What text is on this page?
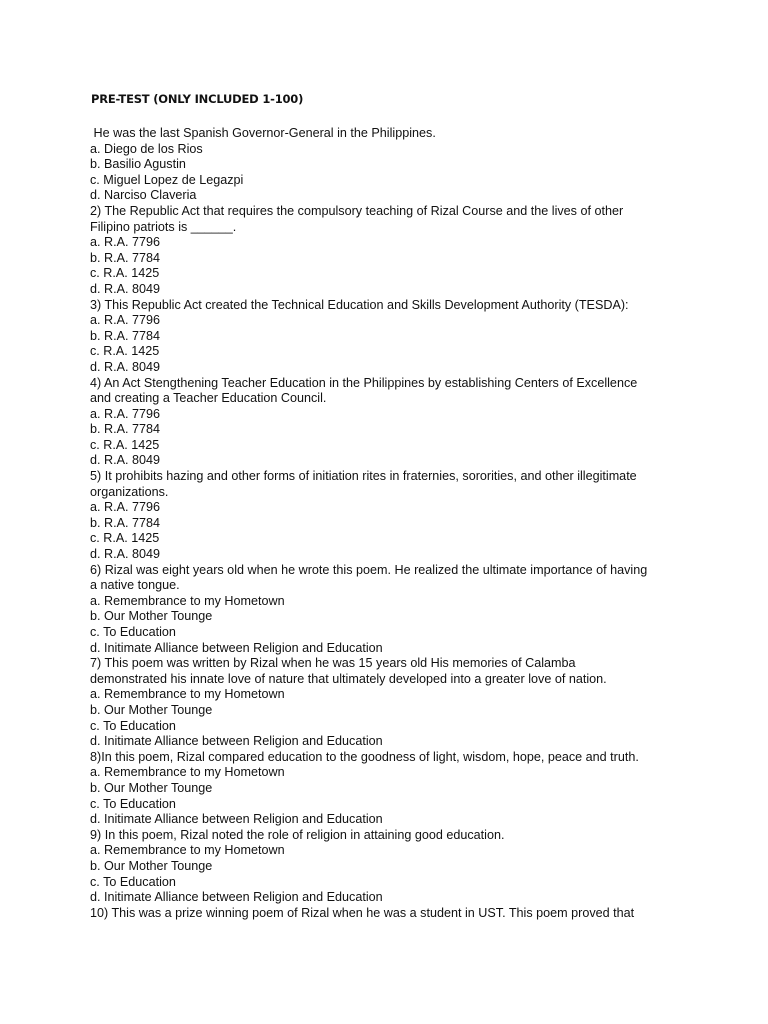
PRE-TEST (ONLY INCLUDED 1-100)
He was the last Spanish Governor-General in the Philippines.
a. Diego de los Rios
b. Basilio Agustin
c. Miguel Lopez de Legazpi
d. Narciso Claveria
2) The Republic Act that requires the compulsory teaching of Rizal Course and the lives of other
Filipino patriots is ______.
a. R.A. 7796
b. R.A. 7784
c. R.A. 1425
d. R.A. 8049
3) This Republic Act created the Technical Education and Skills Development Authority (TESDA):
a. R.A. 7796
b. R.A. 7784
c. R.A. 1425
d. R.A. 8049
4) An Act Stengthening Teacher Education in the Philippines by establishing Centers of Excellence
and creating a Teacher Education Council.
a. R.A. 7796
b. R.A. 7784
c. R.A. 1425
d. R.A. 8049
5) It prohibits hazing and other forms of initiation rites in fraternies, sororities, and other illegitimate
organizations.
a. R.A. 7796
b. R.A. 7784
c. R.A. 1425
d. R.A. 8049
6) Rizal was eight years old when he wrote this poem. He realized the ultimate importance of having
a native tongue.
a. Remembrance to my Hometown
b. Our Mother Tounge
c. To Education
d. Initimate Alliance between Religion and Education
7) This poem was written by Rizal when he was 15 years old His memories of Calamba
demonstrated his innate love of nature that ultimately developed into a greater love of nation.
a. Remembrance to my Hometown
b. Our Mother Tounge
c. To Education
d. Initimate Alliance between Religion and Education
8)In this poem, Rizal compared education to the goodness of light, wisdom, hope, peace and truth.
a. Remembrance to my Hometown
b. Our Mother Tounge
c. To Education
d. Initimate Alliance between Religion and Education
9) In this poem, Rizal noted the role of religion in attaining good education.
a. Remembrance to my Hometown
b. Our Mother Tounge
c. To Education
d. Initimate Alliance between Religion and Education
10) This was a prize winning poem of Rizal when he was a student in UST. This poem proved that
